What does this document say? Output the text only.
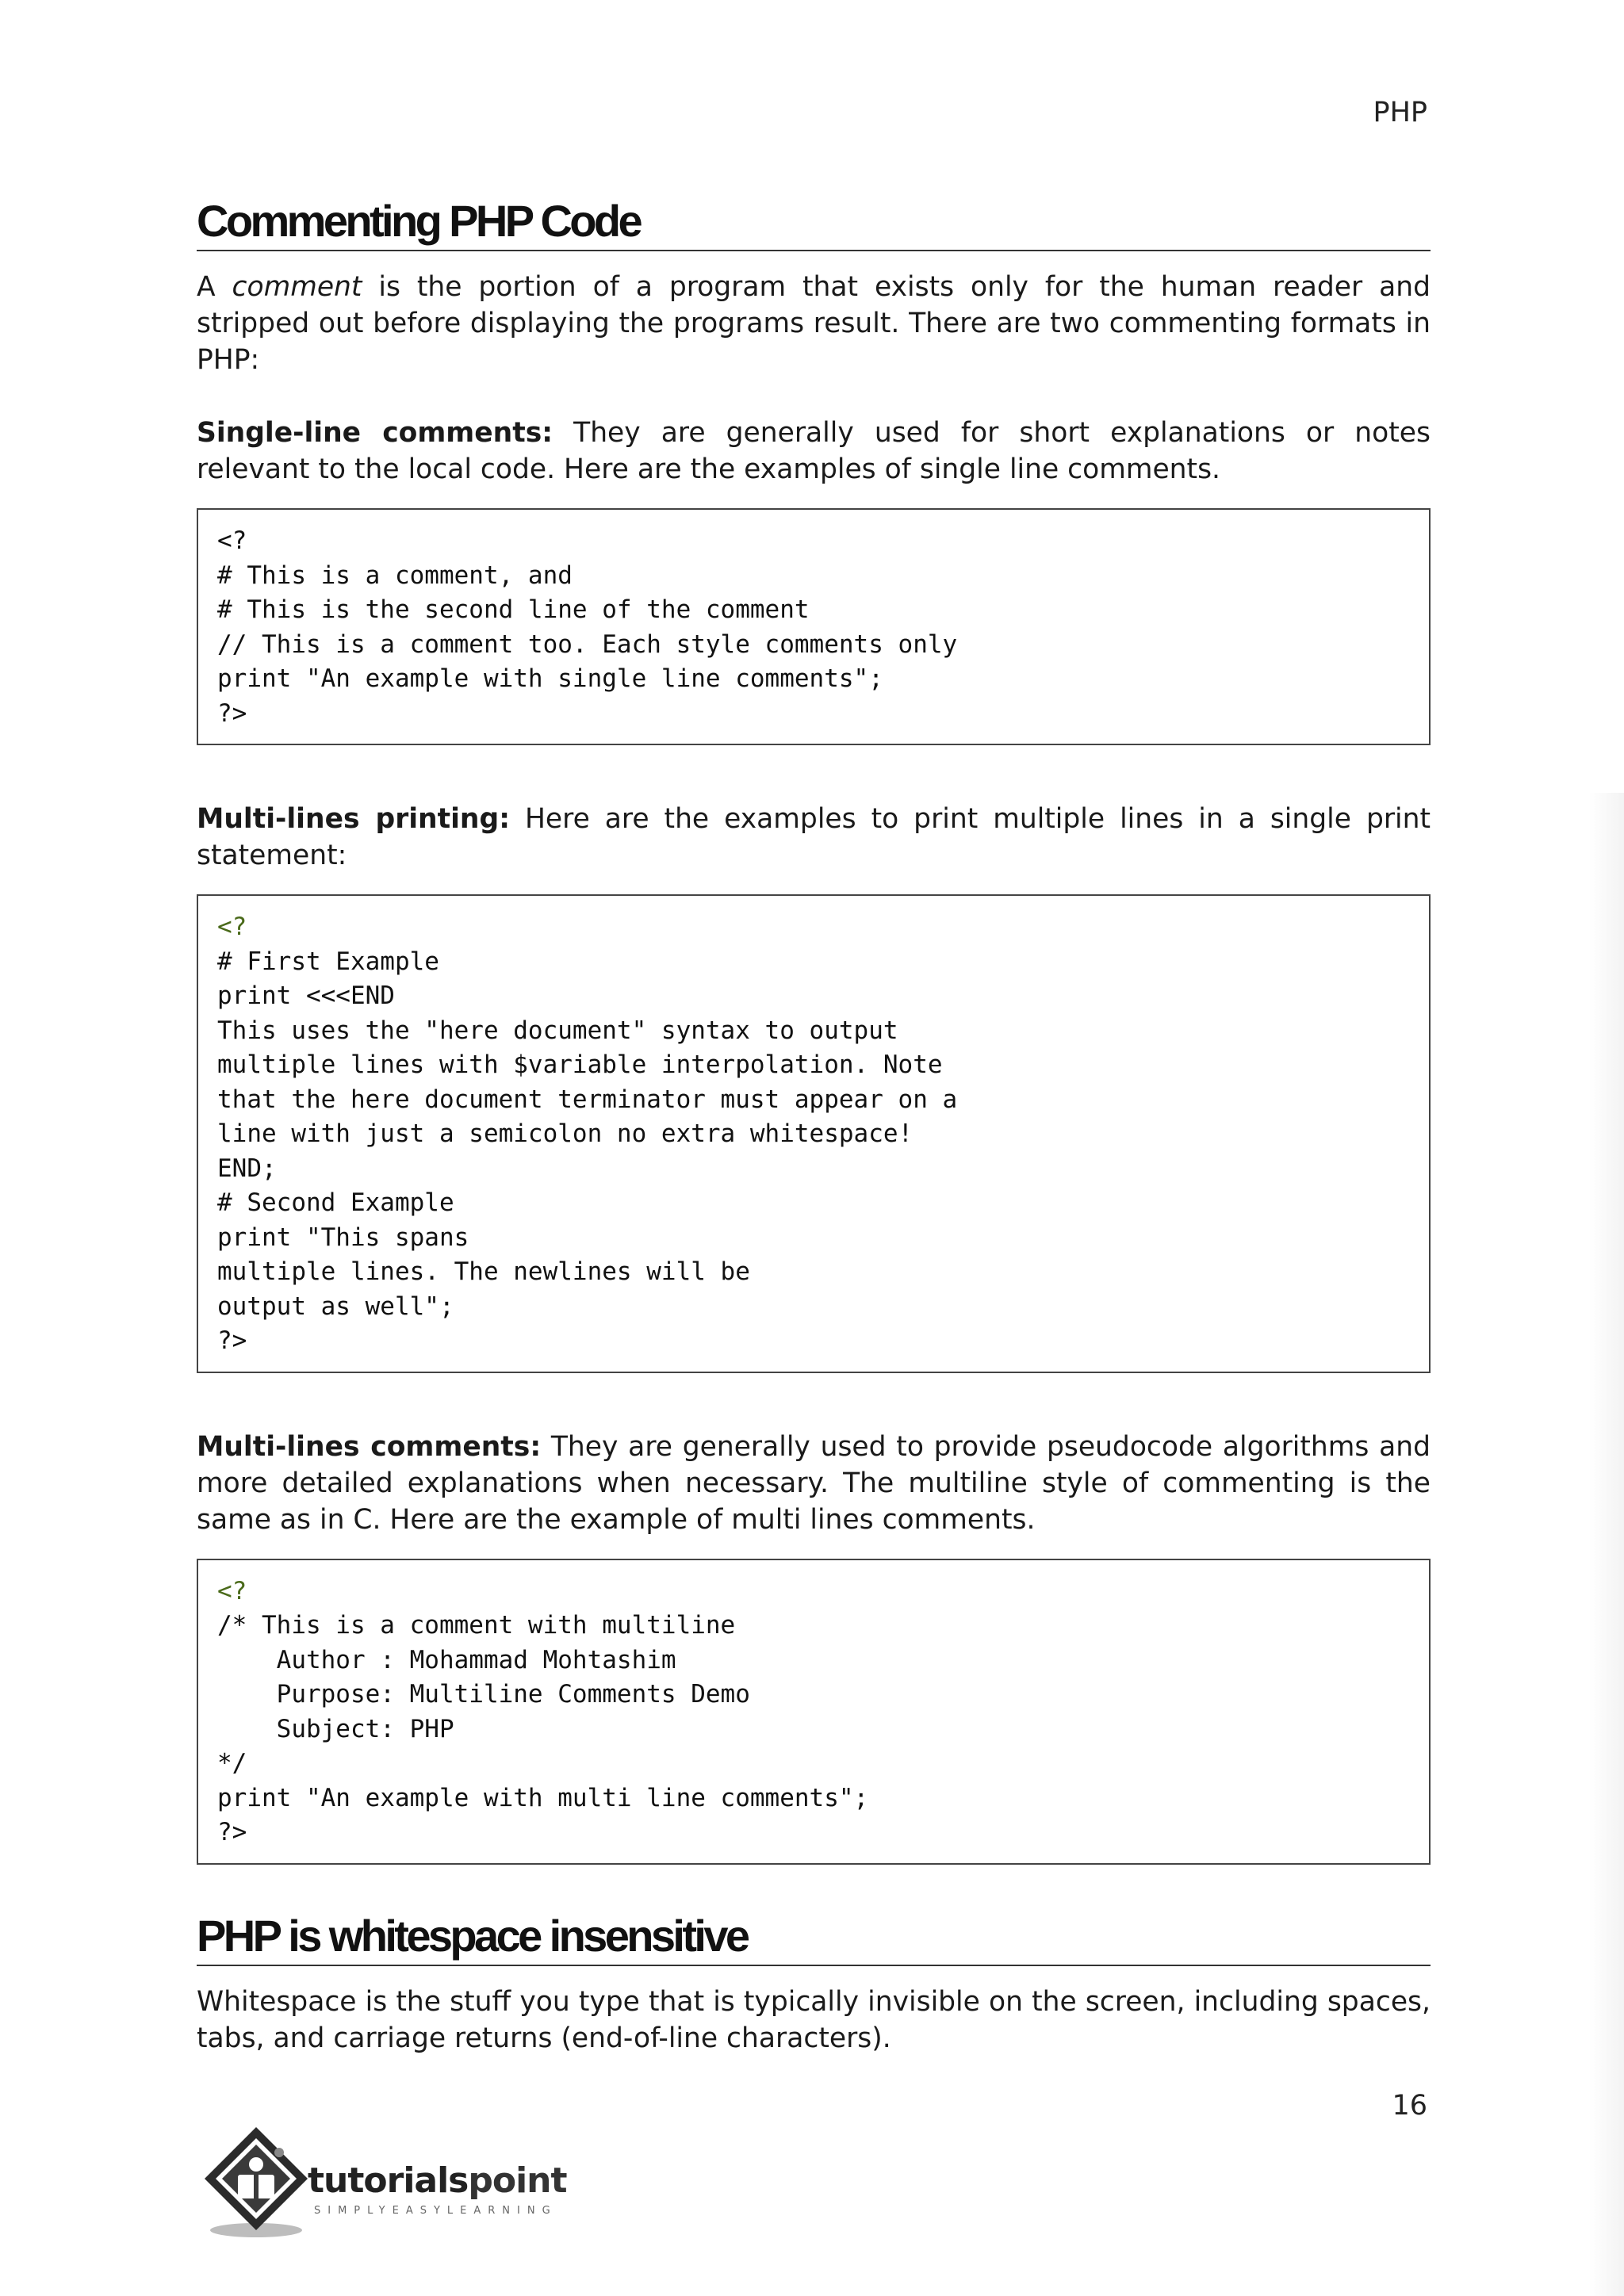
PHP
Commenting PHP Code

A comment is the portion of a program that exists only for the human reader and stripped out before displaying the programs result. There are two commenting formats in PHP:

Single-line comments: They are generally used for short explanations or notes relevant to the local code. Here are the examples of single line comments.

<?
# This is a comment, and
# This is the second line of the comment
// This is a comment too. Each style comments only
print "An example with single line comments";
?>

Multi-lines printing: Here are the examples to print multiple lines in a single print statement:

<?
# First Example
print <<<END
This uses the "here document" syntax to output
multiple lines with $variable interpolation. Note
that the here document terminator must appear on a
line with just a semicolon no extra whitespace!
END;
# Second Example
print "This spans
multiple lines. The newlines will be
output as well";
?>

Multi-lines comments: They are generally used to provide pseudocode algorithms and more detailed explanations when necessary. The multiline style of commenting is the same as in C. Here are the example of multi lines comments.

<?
/* This is a comment with multiline
Author : Mohammad Mohtashim
Purpose: Multiline Comments Demo
Subject: PHP
*/
print "An example with multi line comments";
?>
PHP is whitespace insensitive

Whitespace is the stuff you type that is typically invisible on the screen, including spaces, tabs, and carriage returns (end-of-line characters).

16
tutorialspoint
SIMPLYEASYLEARNING
